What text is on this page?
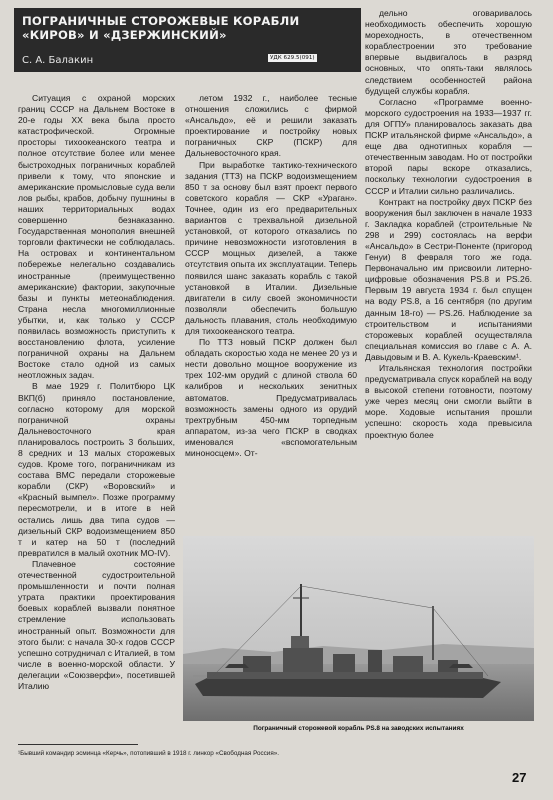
ПОГРАНИЧНЫЕ СТОРОЖЕВЫЕ КОРАБЛИ «КИРОВ» И «ДЗЕРЖИНСКИЙ»
С. А. Балакин	УДК 629.5(091)

Ситуация с охраной морских границ СССР на Дальнем Востоке в 20-е годы XX века была просто катастрофической. Огромные просторы тихоокеанского театра и полное отсутствие более или менее быстроходных пограничных кораблей привели к тому, что японские и американские промысловые суда вели лов рыбы, крабов, добычу пушнины в наших территориальных водах совершенно безнаказанно. Государственная монополия внешней торговли фактически не соблюдалась. На островах и континентальном побережье нелегально создавались иностранные (преимущественно американские) фактории, закупочные базы и пункты метеонаблюдения. Страна несла многомиллионные убытки, и, как только у СССР появилась возможность приступить к восстановлению флота, усиление пограничной охраны на Дальнем Востоке стало одной из самых неотложных задач.

В мае 1929 г. Политбюро ЦК ВКП(б) приняло постановление, согласно которому для морской пограничной охраны Дальневосточного края планировалось построить 3 больших, 8 средних и 13 малых сторожевых судов. Кроме того, пограничникам из состава ВМС передали сторожевые корабли (СКР) «Воровский» и «Красный вымпел». Позже программу пересмотрели, и в итоге в ней остались лишь два типа судов — дизельный СКР водоизмещением 850 т и катер на 50 т (последний превратился в малый охотник МО-IV).

Плачевное состояние отечественной судостроительной промышленности и почти полная утрата практики проектирования боевых кораблей вызвали понятное стремление использовать иностранный опыт. Возможности для этого были: с начала 30-х годов СССР успешно сотрудничал с Италией, в том числе в военно-морской области. У делегации «Союзверфи», посетившей Италию

летом 1932 г., наиболее тесные отношения сложились с фирмой «Ансальдо», её и решили заказать проектирование и постройку новых пограничных СКР (ПСКР) для Дальневосточного края.

При выработке тактико-технического задания (ТТЗ) на ПСКР водоизмещением 850 т за основу был взят проект первого советского корабля — СКР «Ураган». Точнее, один из его предварительных вариантов с трехвальной дизельной установкой, от которого отказались по причине невозможности изготовления в СССР мощных дизелей, а также отсутствия опыта их эксплуатации. Теперь появился шанс заказать корабль с такой установкой в Италии. Дизельные двигатели в силу своей экономичности позволяли обеспечить большую дальность плавания, столь необходимую для тихоокеанского театра.

По ТТЗ новый ПСКР должен был обладать скоростью хода не менее 20 уз и нести довольно мощное вооружение из трех 102-мм орудий с длиной ствола 60 калибров и нескольких зенитных автоматов. Предусматривалась возможность замены одного из орудий трехтрубным 450-мм торпедным аппаратом, из-за чего ПСКР в сводках именовался «вспомогательным миноносцем». От-

дельно оговаривалось необходимость обеспечить хорошую мореходность, в отечественном кораблестроении это требование впервые выдвигалось в разряд основных, что опять-таки являлось следствием особенностей района будущей службы корабля.

Согласно «Программе военно-морского судостроения на 1933—1937 гг. для ОГПУ» планировалось заказать два ПСКР итальянской фирме «Ансальдо», а еще два однотипных корабля — отечественным заводам. Но от постройки второй пары вскоре отказались, поскольку технологии судостроения в СССР и Италии сильно различались.

Контракт на постройку двух ПСКР без вооружения был заключен в начале 1933 г. Закладка кораблей (строительные № 298 и 299) состоялась на верфи «Ансальдо» в Сестри-Поненте (пригород Генуи) 8 февраля того же года. Первоначально им присвоили литерно-цифровые обозначения PS.8 и PS.26. Первым 19 августа 1934 г. был спущен на воду PS.8, а 16 сентября (по другим данным 18-го) — PS.26. Наблюдение за строительством и испытаниями сторожевых кораблей осуществляла специальная комиссия во главе с А. А. Давыдовым и В. А. Кукель-Краевским¹.

Итальянская технология постройки предусматривала спуск кораблей на воду в высокой степени готовности, поэтому уже через месяц они смогли выйти в море. Ходовые испытания прошли успешно: скорость хода превысила проектную более

Пограничный сторожевой корабль PS.8 на заводских испытаниях
¹Бывший командир эсминца «Керчь», потопивший в 1918 г. линкор «Свободная Россия».
27
